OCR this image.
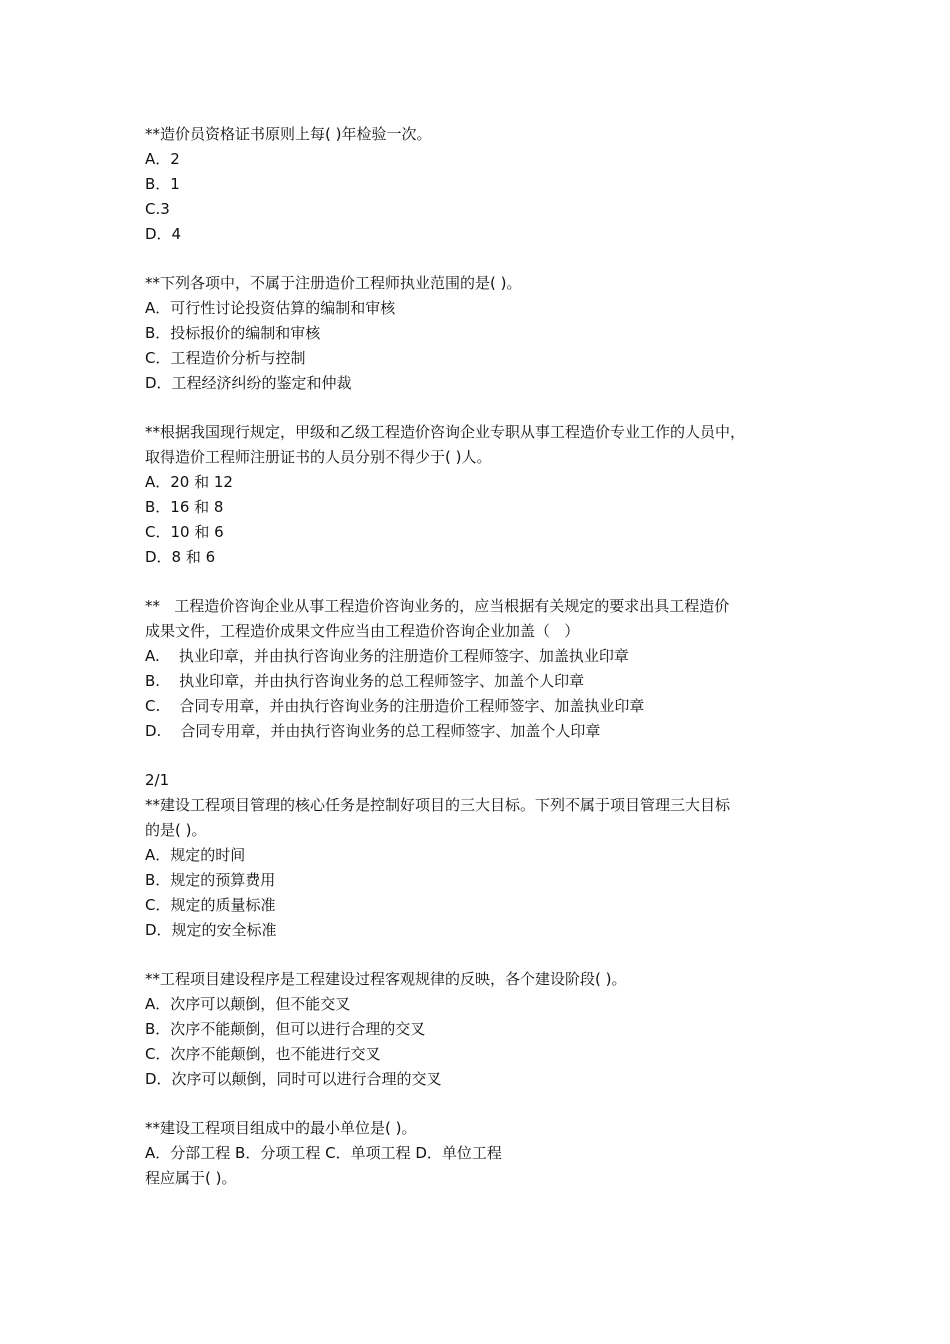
**造价员资格证书原则上每( )年检验一次。

A．2

B．1

C.3

D．4

**下列各项中，不属于注册造价工程师执业范围的是( )。

A．可行性讨论投资估算的编制和审核

B．投标报价的编制和审核

C．工程造价分析与控制

D．工程经济纠纷的鉴定和仲裁

**根据我国现行规定，甲级和乙级工程造价咨询企业专职从事工程造价专业工作的人员中，

取得造价工程师注册证书的人员分别不得少于( )人。

A．20 和 12

B．16 和 8

C．10 和 6

D．8 和 6

**   工程造价咨询企业从事工程造价咨询业务的，应当根据有关规定的要求出具工程造价

成果文件，工程造价成果文件应当由工程造价咨询企业加盖（   ）

A.    执业印章，并由执行咨询业务的注册造价工程师签字、加盖执业印章

B.    执业印章，并由执行咨询业务的总工程师签字、加盖个人印章

C.    合同专用章，并由执行咨询业务的注册造价工程师签字、加盖执业印章

D.    合同专用章，并由执行咨询业务的总工程师签字、加盖个人印章

2/1

**建设工程项目管理的核心任务是控制好项目的三大目标。下列不属于项目管理三大目标

的是( )。

A．规定的时间

B．规定的预算费用

C．规定的质量标准

D．规定的安全标准

**工程项目建设程序是工程建设过程客观规律的反映，各个建设阶段( )。

A．次序可以颠倒，但不能交叉

B．次序不能颠倒，但可以进行合理的交叉

C．次序不能颠倒，也不能进行交叉

D．次序可以颠倒，同时可以进行合理的交叉

**建设工程项目组成中的最小单位是( )。

A．分部工程 B．分项工程 C．单项工程 D．单位工程

程应属于( )。
